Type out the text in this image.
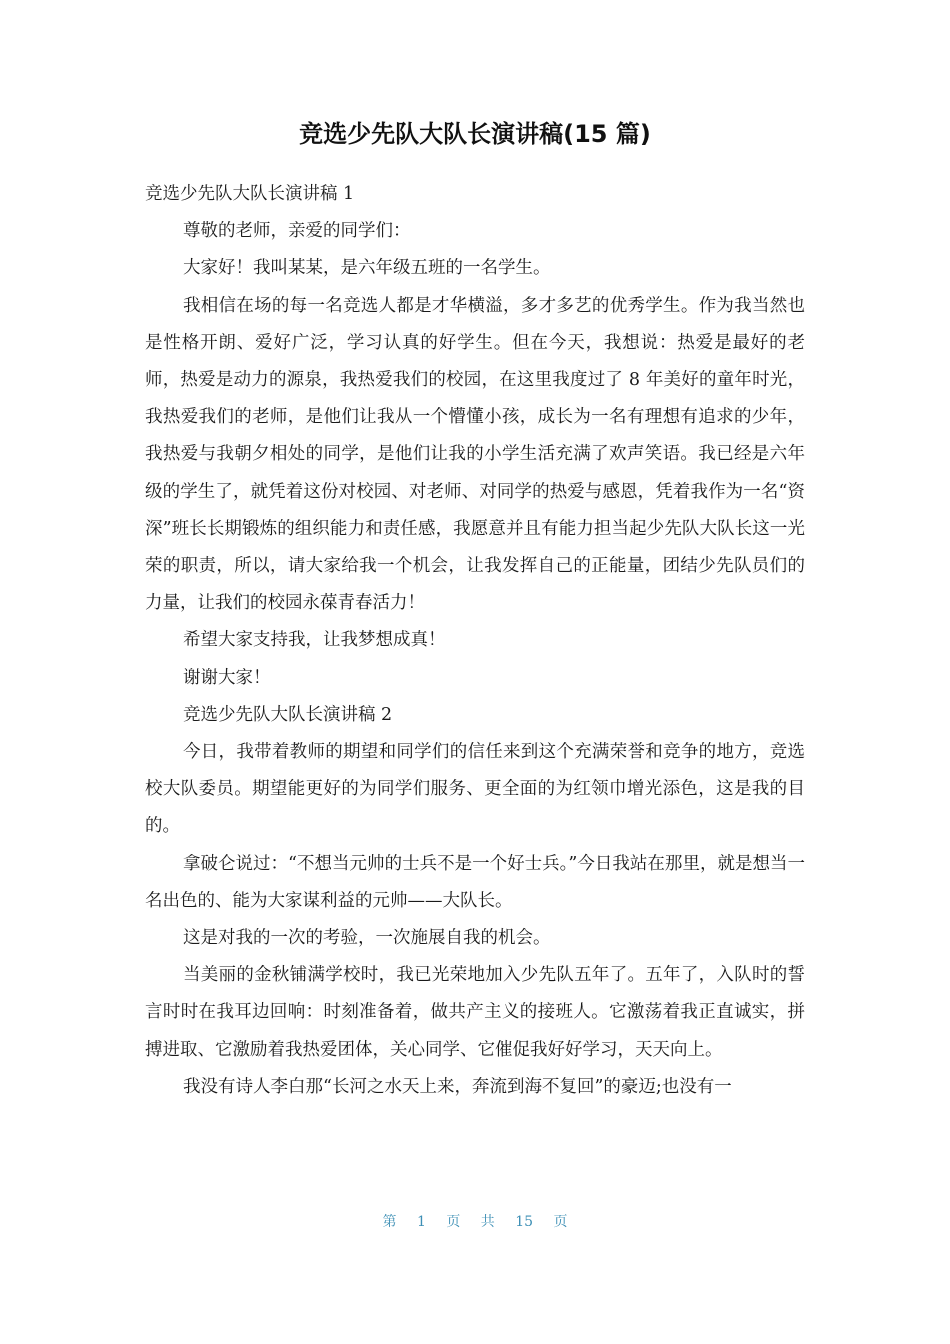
竞选少先队大队长演讲稿(15 篇)

竞选少先队大队长演讲稿 1

尊敬的老师，亲爱的同学们：

大家好！我叫某某，是六年级五班的一名学生。

我相信在场的每一名竞选人都是才华横溢，多才多艺的优秀学生。作为我当然也是性格开朗、爱好广泛，学习认真的好学生。但在今天，我想说：热爱是最好的老师，热爱是动力的源泉，我热爱我们的校园，在这里我度过了 8 年美好的童年时光，我热爱我们的老师，是他们让我从一个懵懂小孩，成长为一名有理想有追求的少年，我热爱与我朝夕相处的同学，是他们让我的小学生活充满了欢声笑语。我已经是六年级的学生了，就凭着这份对校园、对老师、对同学的热爱与感恩，凭着我作为一名“资深”班长长期锻炼的组织能力和责任感，我愿意并且有能力担当起少先队大队长这一光荣的职责，所以，请大家给我一个机会，让我发挥自己的正能量，团结少先队员们的力量，让我们的校园永葆青春活力！

希望大家支持我，让我梦想成真！

谢谢大家！

竞选少先队大队长演讲稿 2

今日，我带着教师的期望和同学们的信任来到这个充满荣誉和竞争的地方，竞选校大队委员。期望能更好的为同学们服务、更全面的为红领巾增光添色，这是我的目的。

拿破仑说过：“不想当元帅的士兵不是一个好士兵。”今日我站在那里，就是想当一名出色的、能为大家谋利益的元帅——大队长。

这是对我的一次的考验，一次施展自我的机会。

当美丽的金秋铺满学校时，我已光荣地加入少先队五年了。五年了，入队时的誓言时时在我耳边回响：时刻准备着，做共产主义的接班人。它激荡着我正直诚实，拼搏进取、它激励着我热爱团体，关心同学、它催促我好好学习，天天向上。

我没有诗人李白那“长河之水天上来，奔流到海不复回”的豪迈;也没有一

第 1 页 共 15 页
